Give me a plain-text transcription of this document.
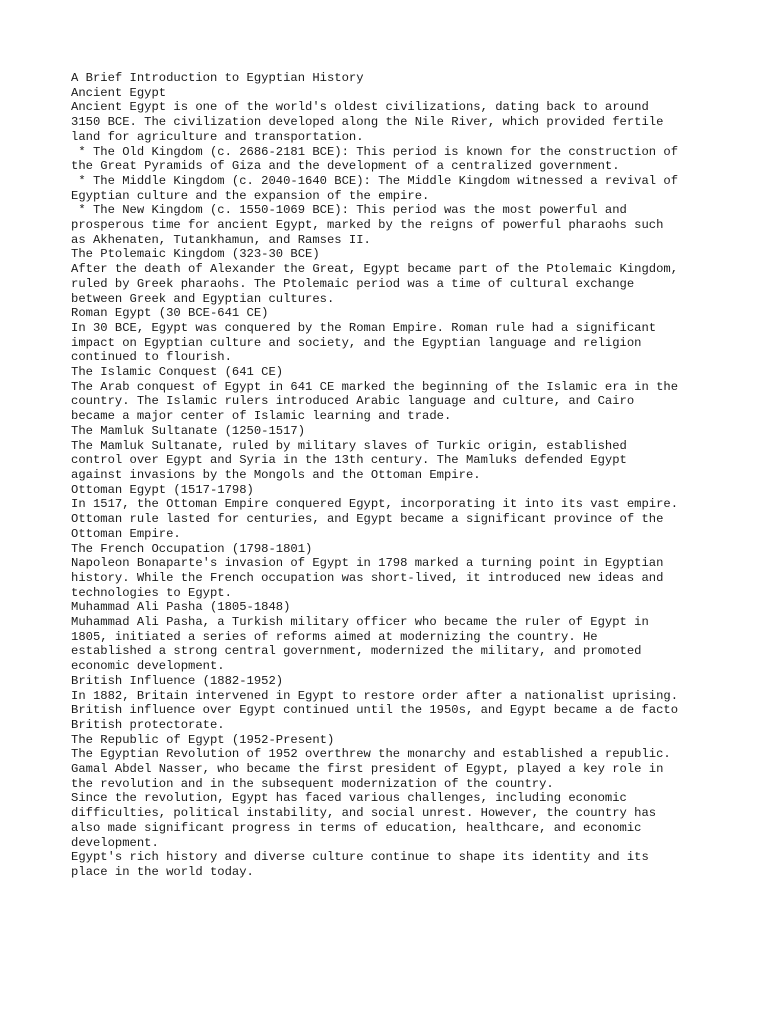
A Brief Introduction to Egyptian History
Ancient Egypt
Ancient Egypt is one of the world's oldest civilizations, dating back to around
3150 BCE. The civilization developed along the Nile River, which provided fertile
land for agriculture and transportation.
* The Old Kingdom (c. 2686-2181 BCE): This period is known for the construction of
the Great Pyramids of Giza and the development of a centralized government.
* The Middle Kingdom (c. 2040-1640 BCE): The Middle Kingdom witnessed a revival of
Egyptian culture and the expansion of the empire.
* The New Kingdom (c. 1550-1069 BCE): This period was the most powerful and
prosperous time for ancient Egypt, marked by the reigns of powerful pharaohs such
as Akhenaten, Tutankhamun, and Ramses II.
The Ptolemaic Kingdom (323-30 BCE)
After the death of Alexander the Great, Egypt became part of the Ptolemaic Kingdom,
ruled by Greek pharaohs. The Ptolemaic period was a time of cultural exchange
between Greek and Egyptian cultures.
Roman Egypt (30 BCE-641 CE)
In 30 BCE, Egypt was conquered by the Roman Empire. Roman rule had a significant
impact on Egyptian culture and society, and the Egyptian language and religion
continued to flourish.
The Islamic Conquest (641 CE)
The Arab conquest of Egypt in 641 CE marked the beginning of the Islamic era in the
country. The Islamic rulers introduced Arabic language and culture, and Cairo
became a major center of Islamic learning and trade.
The Mamluk Sultanate (1250-1517)
The Mamluk Sultanate, ruled by military slaves of Turkic origin, established
control over Egypt and Syria in the 13th century. The Mamluks defended Egypt
against invasions by the Mongols and the Ottoman Empire.
Ottoman Egypt (1517-1798)
In 1517, the Ottoman Empire conquered Egypt, incorporating it into its vast empire.
Ottoman rule lasted for centuries, and Egypt became a significant province of the
Ottoman Empire.
The French Occupation (1798-1801)
Napoleon Bonaparte's invasion of Egypt in 1798 marked a turning point in Egyptian
history. While the French occupation was short-lived, it introduced new ideas and
technologies to Egypt.
Muhammad Ali Pasha (1805-1848)
Muhammad Ali Pasha, a Turkish military officer who became the ruler of Egypt in
1805, initiated a series of reforms aimed at modernizing the country. He
established a strong central government, modernized the military, and promoted
economic development.
British Influence (1882-1952)
In 1882, Britain intervened in Egypt to restore order after a nationalist uprising.
British influence over Egypt continued until the 1950s, and Egypt became a de facto
British protectorate.
The Republic of Egypt (1952-Present)
The Egyptian Revolution of 1952 overthrew the monarchy and established a republic.
Gamal Abdel Nasser, who became the first president of Egypt, played a key role in
the revolution and in the subsequent modernization of the country.
Since the revolution, Egypt has faced various challenges, including economic
difficulties, political instability, and social unrest. However, the country has
also made significant progress in terms of education, healthcare, and economic
development.
Egypt's rich history and diverse culture continue to shape its identity and its
place in the world today.
